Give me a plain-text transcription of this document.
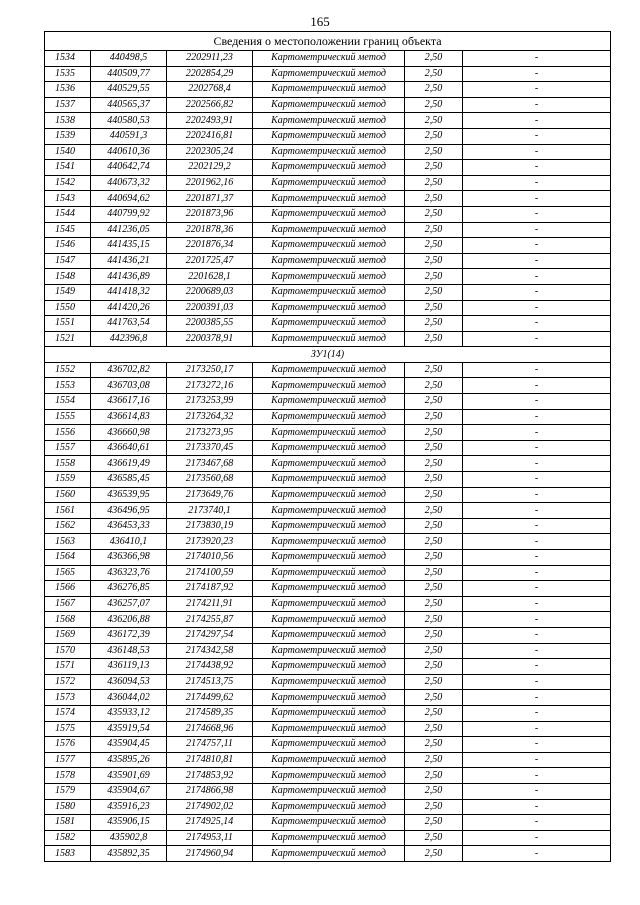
165
Сведения о местоположении границ объекта					
1534	440498,5	2202911,23	Картометрический метод	2,50	-
1535	440509,77	2202854,29	Картометрический метод	2,50	-
1536	440529,55	2202768,4	Картометрический метод	2,50	-
1537	440565,37	2202566,82	Картометрический метод	2,50	-
1538	440580,53	2202493,91	Картометрический метод	2,50	-
1539	440591,3	2202416,81	Картометрический метод	2,50	-
1540	440610,36	2202305,24	Картометрический метод	2,50	-
1541	440642,74	2202129,2	Картометрический метод	2,50	-
1542	440673,32	2201962,16	Картометрический метод	2,50	-
1543	440694,62	2201871,37	Картометрический метод	2,50	-
1544	440799,92	2201873,96	Картометрический метод	2,50	-
1545	441236,05	2201878,36	Картометрический метод	2,50	-
1546	441435,15	2201876,34	Картометрический метод	2,50	-
1547	441436,21	2201725,47	Картометрический метод	2,50	-
1548	441436,89	2201628,1	Картометрический метод	2,50	-
1549	441418,32	2200689,03	Картометрический метод	2,50	-
1550	441420,26	2200391,03	Картометрический метод	2,50	-
1551	441763,54	2200385,55	Картометрический метод	2,50	-
1521	442396,8	2200378,91	Картометрический метод	2,50	-
ЗУ1(14)					
1552	436702,82	2173250,17	Картометрический метод	2,50	-
1553	436703,08	2173272,16	Картометрический метод	2,50	-
1554	436617,16	2173253,99	Картометрический метод	2,50	-
1555	436614,83	2173264,32	Картометрический метод	2,50	-
1556	436660,98	2173273,95	Картометрический метод	2,50	-
1557	436640,61	2173370,45	Картометрический метод	2,50	-
1558	436619,49	2173467,68	Картометрический метод	2,50	-
1559	436585,45	2173560,68	Картометрический метод	2,50	-
1560	436539,95	2173649,76	Картометрический метод	2,50	-
1561	436496,95	2173740,1	Картометрический метод	2,50	-
1562	436453,33	2173830,19	Картометрический метод	2,50	-
1563	436410,1	2173920,23	Картометрический метод	2,50	-
1564	436366,98	2174010,56	Картометрический метод	2,50	-
1565	436323,76	2174100,59	Картометрический метод	2,50	-
1566	436276,85	2174187,92	Картометрический метод	2,50	-
1567	436257,07	2174211,91	Картометрический метод	2,50	-
1568	436206,88	2174255,87	Картометрический метод	2,50	-
1569	436172,39	2174297,54	Картометрический метод	2,50	-
1570	436148,53	2174342,58	Картометрический метод	2,50	-
1571	436119,13	2174438,92	Картометрический метод	2,50	-
1572	436094,53	2174513,75	Картометрический метод	2,50	-
1573	436044,02	2174499,62	Картометрический метод	2,50	-
1574	435933,12	2174589,35	Картометрический метод	2,50	-
1575	435919,54	2174668,96	Картометрический метод	2,50	-
1576	435904,45	2174757,11	Картометрический метод	2,50	-
1577	435895,26	2174810,81	Картометрический метод	2,50	-
1578	435901,69	2174853,92	Картометрический метод	2,50	-
1579	435904,67	2174866,98	Картометрический метод	2,50	-
1580	435916,23	2174902,02	Картометрический метод	2,50	-
1581	435906,15	2174925,14	Картометрический метод	2,50	-
1582	435902,8	2174953,11	Картометрический метод	2,50	-
1583	435892,35	2174960,94	Картометрический метод	2,50	-
